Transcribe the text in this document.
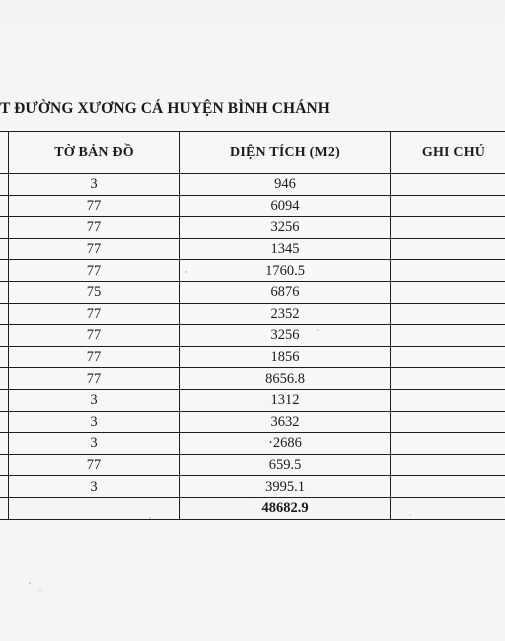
T ĐƯỜNG XƯƠNG CÁ HUYỆN BÌNH CHÁNH
	TỜ BẢN ĐỒ	DIỆN TÍCH (M2)	GHI CHÚ
	3	946	
	77	6094	
	77	3256	
	77	1345	
	77	1760.5	
	75	6876	
	77	2352	
	77	3256	
	77	1856	
	77	8656.8	
	3	1312	
	3	3632	
	3	·2686	
	77	659.5	
	3	3995.1	
		48682.9	
